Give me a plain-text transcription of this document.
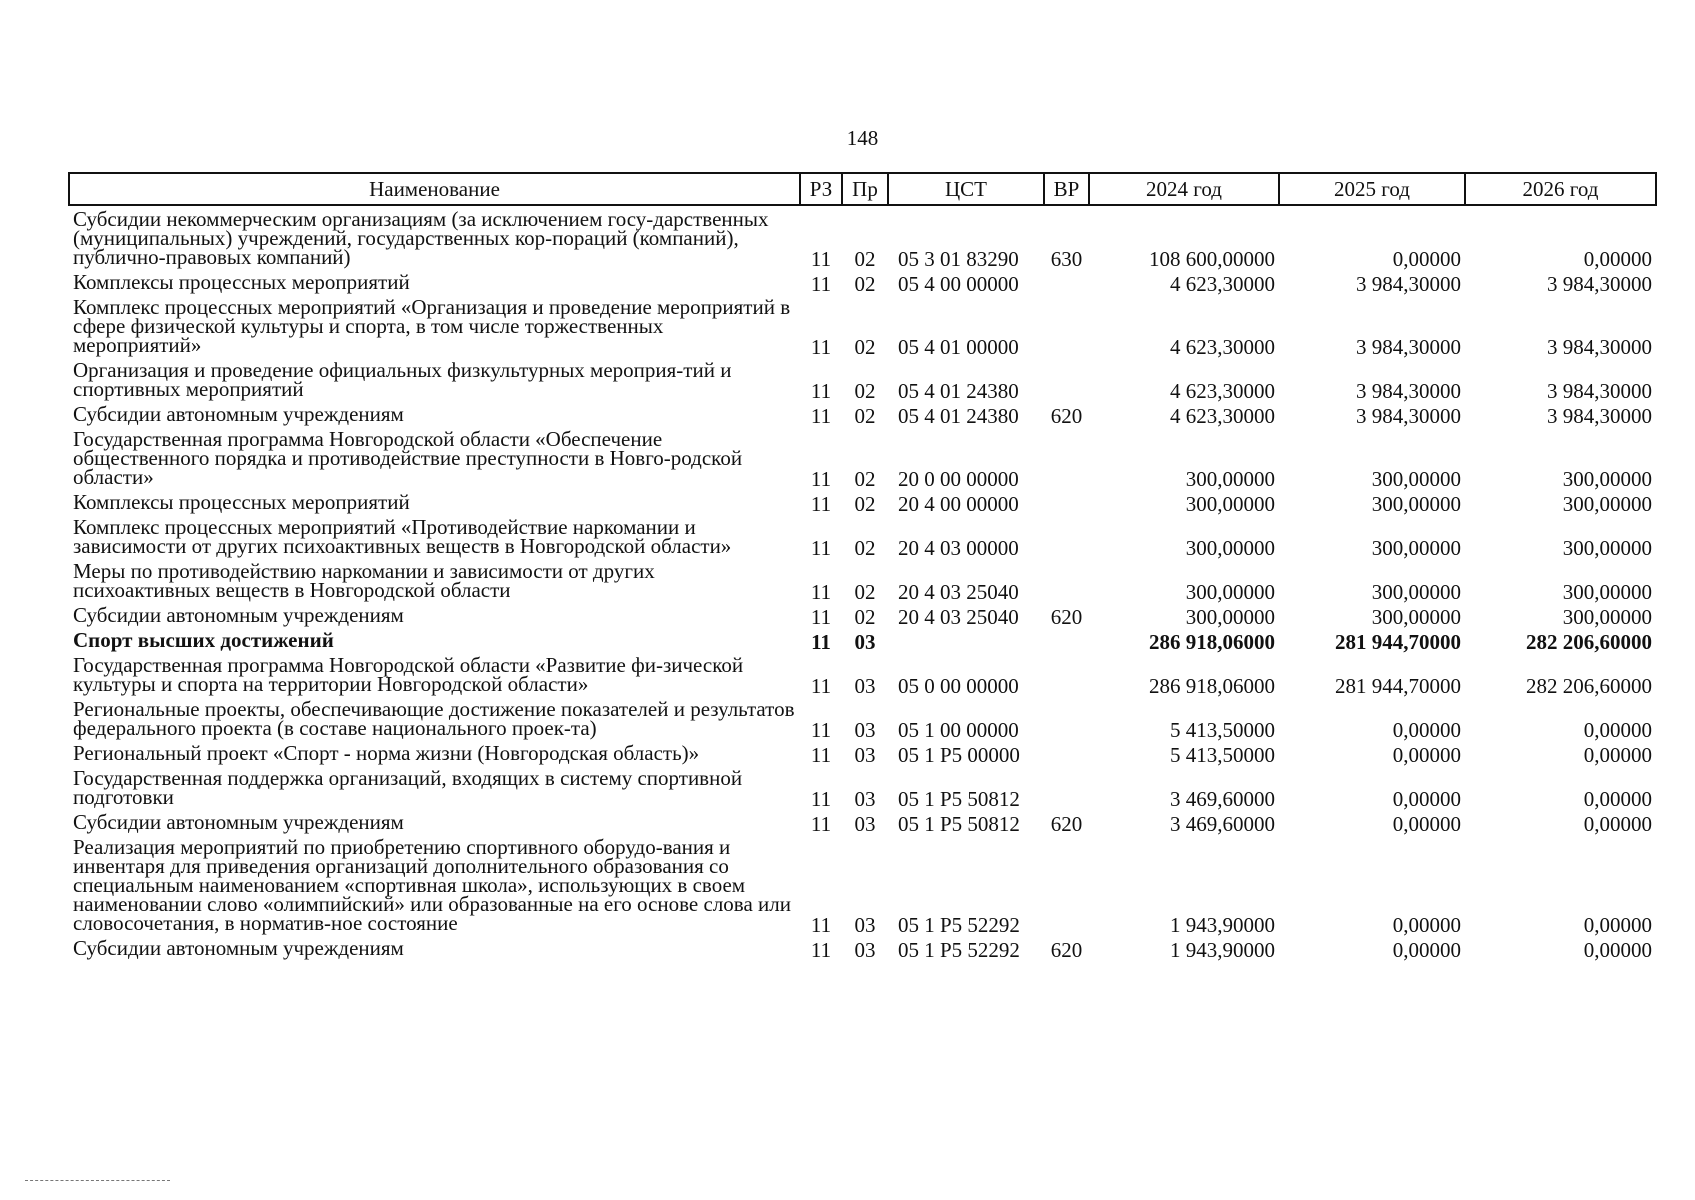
148
Наименование	РЗ	Пр	ЦСТ	ВР	2024 год	2025 год	2026 год
Субсидии некоммерческим организациям (за исключением госу-дарственных (муниципальных) учреждений, государственных кор-пораций (компаний), публично-правовых компаний)	11	02	05 3 01 83290	630	108 600,00000	0,00000	0,00000
Комплексы процессных мероприятий	11	02	05 4 00 00000		4 623,30000	3 984,30000	3 984,30000
Комплекс процессных мероприятий «Организация и проведение мероприятий в сфере физической культуры и спорта, в том числе торжественных мероприятий»	11	02	05 4 01 00000		4 623,30000	3 984,30000	3 984,30000
Организация и проведение официальных физкультурных мероприя-тий и спортивных мероприятий	11	02	05 4 01 24380		4 623,30000	3 984,30000	3 984,30000
Субсидии автономным учреждениям	11	02	05 4 01 24380	620	4 623,30000	3 984,30000	3 984,30000
Государственная программа Новгородской области «Обеспечение общественного порядка и противодействие преступности в Новго-родской области»	11	02	20 0 00 00000		300,00000	300,00000	300,00000
Комплексы процессных мероприятий	11	02	20 4 00 00000		300,00000	300,00000	300,00000
Комплекс процессных мероприятий «Противодействие наркомании и зависимости от других психоактивных веществ в Новгородской области»	11	02	20 4 03 00000		300,00000	300,00000	300,00000
Меры по противодействию наркомании и зависимости от других психоактивных веществ в Новгородской области	11	02	20 4 03 25040		300,00000	300,00000	300,00000
Субсидии автономным учреждениям	11	02	20 4 03 25040	620	300,00000	300,00000	300,00000
Спорт высших достижений	11	03			286 918,06000	281 944,70000	282 206,60000
Государственная программа Новгородской области «Развитие фи-зической культуры и спорта на территории Новгородской области»	11	03	05 0 00 00000		286 918,06000	281 944,70000	282 206,60000
Региональные проекты, обеспечивающие достижение показателей и результатов федерального проекта (в составе национального проек-та)	11	03	05 1 00 00000		5 413,50000	0,00000	0,00000
Региональный проект «Спорт - норма жизни (Новгородская область)»	11	03	05 1 P5 00000		5 413,50000	0,00000	0,00000
Государственная поддержка организаций, входящих в систему спортивной подготовки	11	03	05 1 P5 50812		3 469,60000	0,00000	0,00000
Субсидии автономным учреждениям	11	03	05 1 P5 50812	620	3 469,60000	0,00000	0,00000
Реализация мероприятий по приобретению спортивного оборудо-вания и инвентаря для приведения организаций дополнительного образования со специальным наименованием «спортивная школа», использующих в своем наименовании слово «олимпийский» или образованные на его основе слова или словосочетания, в норматив-ное состояние	11	03	05 1 P5 52292		1 943,90000	0,00000	0,00000
Субсидии автономным учреждениям	11	03	05 1 P5 52292	620	1 943,90000	0,00000	0,00000
